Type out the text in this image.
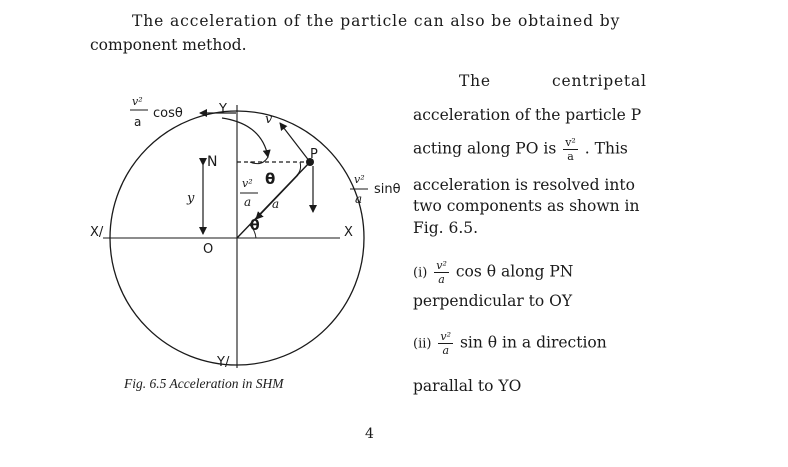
The acceleration of the particle can also be obtained by
component method.
v²
a
cosθ	Y
v
P
N
θ
y
v²
a a
θ
v²
a
sinθ
X/	X
O
Y/
Fig. 6.5 Acceleration in SHM
The	centripetal
acceleration of the particle P
acting along PO is $\frac{\text{v²}}{a}$ . This
acceleration is resolved into
two components as shown in
Fig. 6.5.
$(i) \frac{\text{v²}}{a}$ cos θ along PN
perpendicular to OY
$(ii) \frac{\text{v²}}{a}$ sin θ in a direction
parallal to YO
4
